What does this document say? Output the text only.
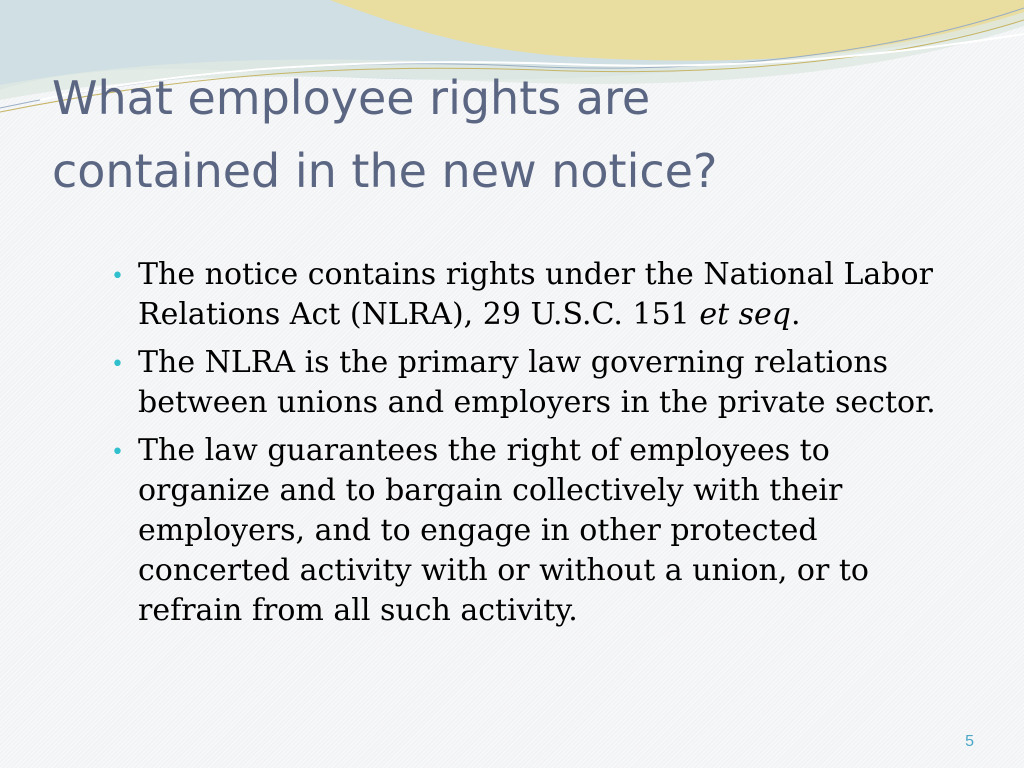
What employee rights are
contained in the new notice?
• The notice contains rights under the National Labor
Relations Act (NLRA), 29 U.S.C. 151 et seq.
• The NLRA is the primary law governing relations
between unions and employers in the private sector.
• The law guarantees the right of employees to
organize and to bargain collectively with their
employers, and to engage in other protected
concerted activity with or without a union, or to
refrain from all such activity.
5
